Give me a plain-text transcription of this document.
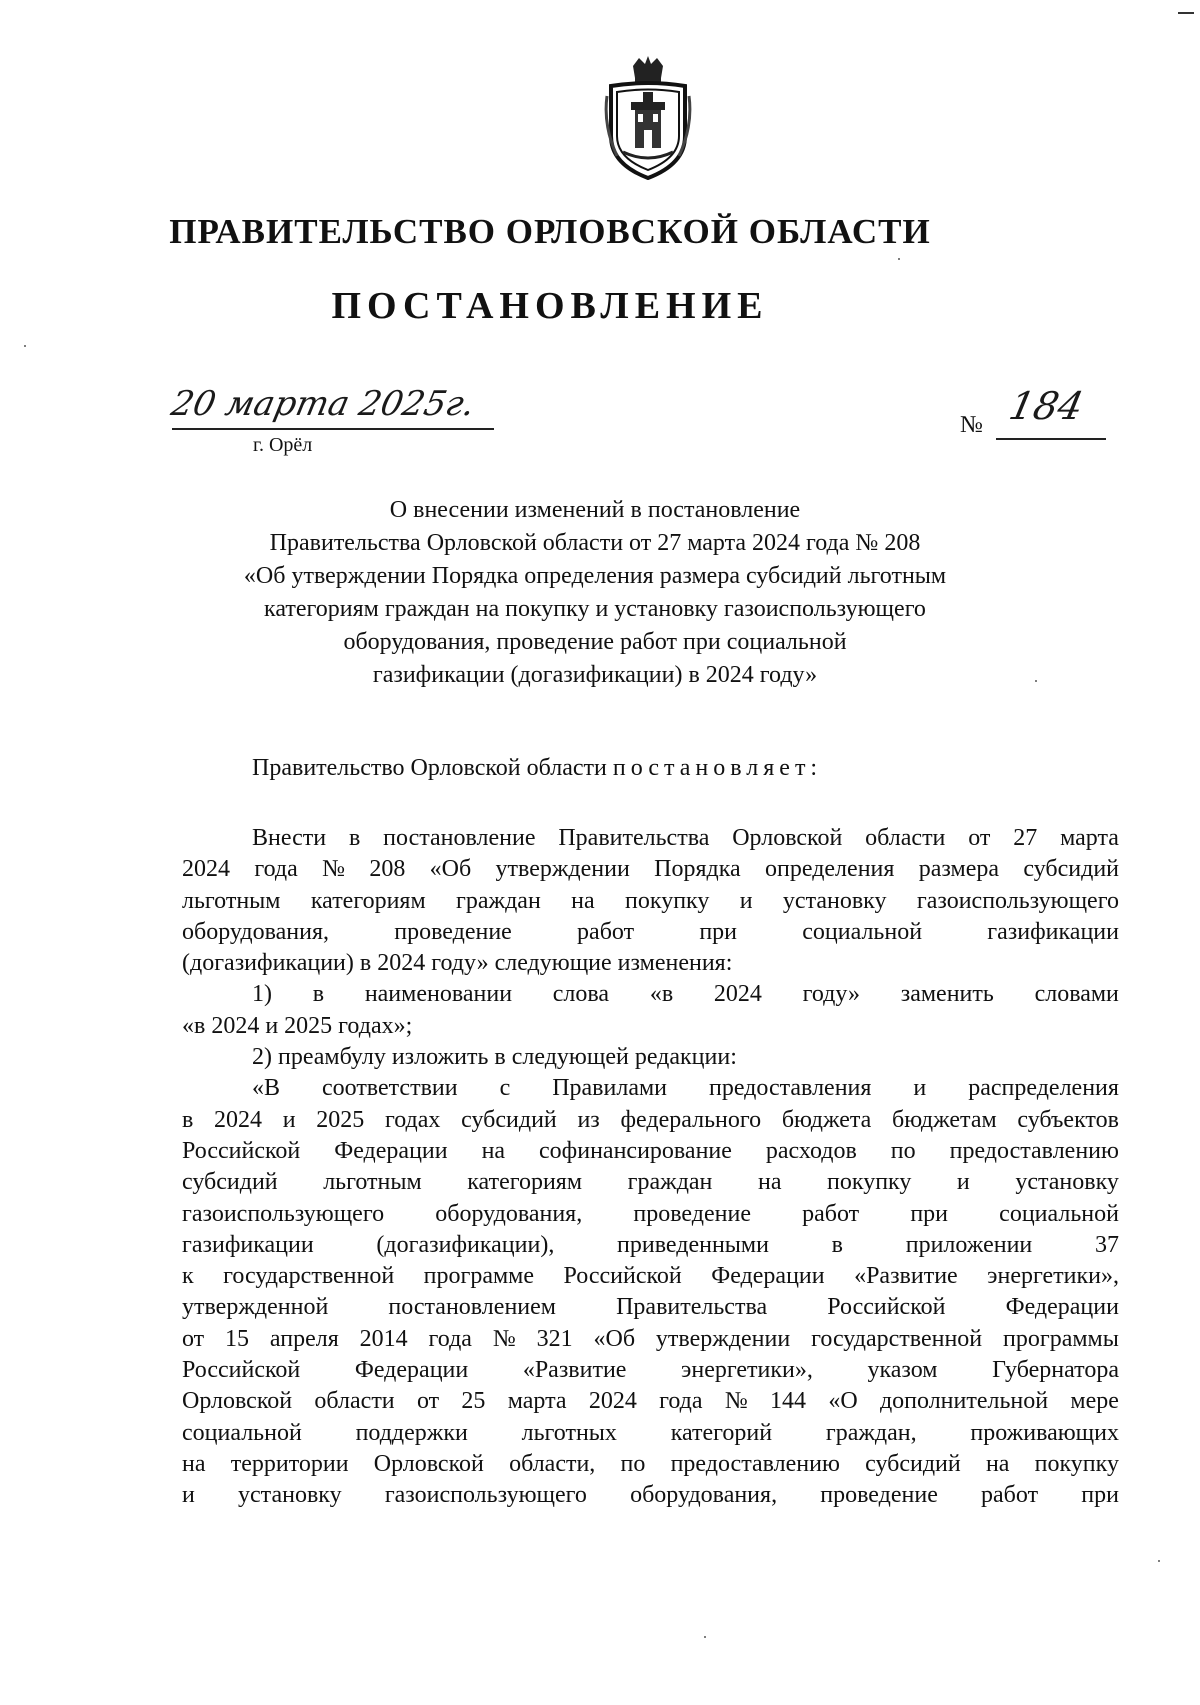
ПРАВИТЕЛЬСТВО ОРЛОВСКОЙ ОБЛАСТИ
ПОСТАНОВЛЕНИЕ
20 марта 2025г.
г. Орёл
№ 184
О внесении изменений в постановление
Правительства Орловской области от 27 марта 2024 года № 208
«Об утверждении Порядка определения размера субсидий льготным
категориям граждан на покупку и установку газоиспользующего
оборудования, проведение работ при социальной
газификации (догазификации) в 2024 году»
Правительство Орловской области постановляет:
Внести в постановление Правительства Орловской области от 27 марта
2024 года № 208 «Об утверждении Порядка определения размера субсидий
льготным категориям граждан на покупку и установку газоиспользующего
оборудования,	проведение	работ	при	социальной	газификации
(догазификации) в 2024 году» следующие изменения:
1) в наименовании слова «в 2024 году» заменить словами
«в 2024 и 2025 годах»;
2) преамбулу изложить в следующей редакции:
«В соответствии с Правилами предоставления и распределения
в 2024 и 2025 годах субсидий из федерального бюджета бюджетам субъектов
Российской Федерации на софинансирование расходов по предоставлению
субсидий льготным категориям граждан на покупку и установку
газоиспользующего оборудования, проведение работ при социальной
газификации	(догазификации),	приведенными	в	приложении	37
к государственной программе Российской Федерации «Развитие энергетики»,
утвержденной	постановлением	Правительства	Российской	Федерации
от 15 апреля 2014 года № 321 «Об утверждении государственной программы
Российской Федерации «Развитие энергетики», указом Губернатора
Орловской области от 25 марта 2024 года № 144 «О дополнительной мере
социальной поддержки льготных категорий граждан, проживающих
на территории Орловской области, по предоставлению субсидий на покупку
и установку газоиспользующего оборудования, проведение работ при
